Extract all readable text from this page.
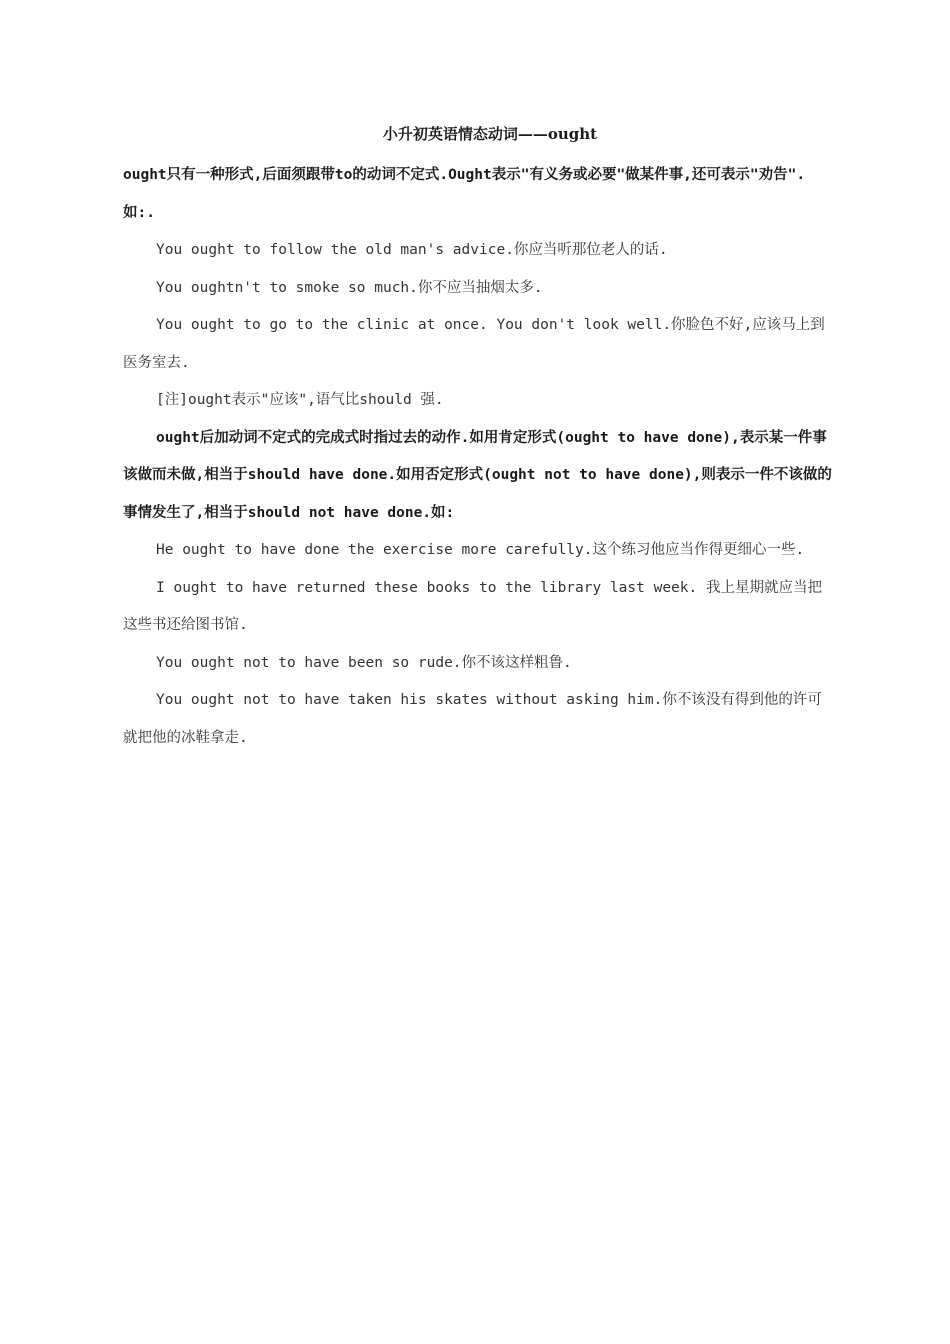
小升初英语情态动词——ought

ought只有一种形式,后面须跟带to的动词不定式.Ought表示"有义务或必要"做某件事,还可表示"劝告".如:.

You ought to follow the old man's advice.你应当听那位老人的话.

You oughtn't to smoke so much.你不应当抽烟太多.

You ought to go to the clinic at once. You don't look well.你脸色不好,应该马上到医务室去.

[注]ought表示"应该",语气比should 强.

ought后加动词不定式的完成式时指过去的动作.如用肯定形式(ought to have done),表示某一件事该做而未做,相当于should have done.如用否定形式(ought not to have done),则表示一件不该做的事情发生了,相当于should not have done.如:

He ought to have done the exercise more carefully.这个练习他应当作得更细心一些.

I ought to have returned these books to the library last week. 我上星期就应当把这些书还给图书馆.

You ought not to have been so rude.你不该这样粗鲁.

You ought not to have taken his skates without asking him.你不该没有得到他的许可就把他的冰鞋拿走.
